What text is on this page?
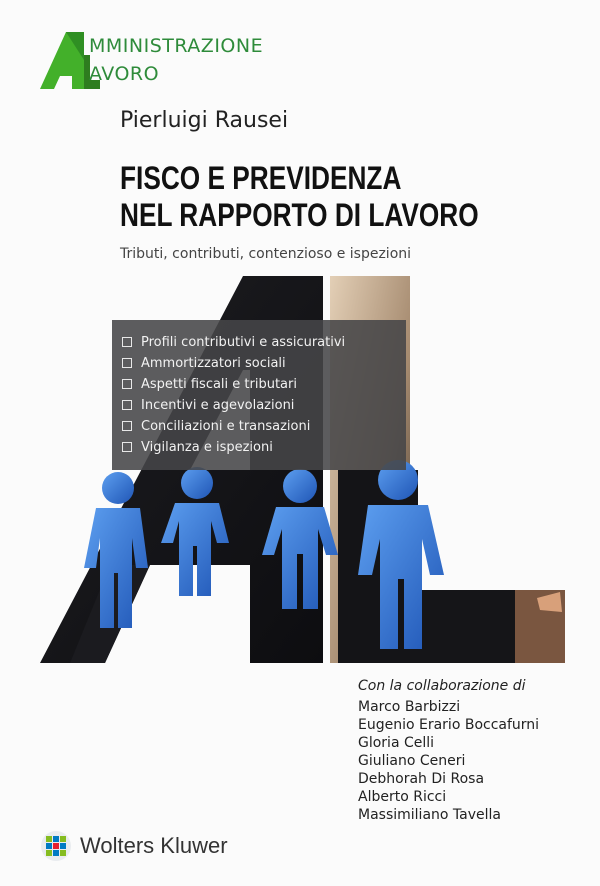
MMINISTRAZIONE
AVORO
Pierluigi Rausei
FISCO E PREVIDENZA
NEL RAPPORTO DI LAVORO
Tributi, contributi, contenzioso e ispezioni
Profili contributivi e assicurativi
Ammortizzatori sociali
Aspetti fiscali e tributari
Incentivi e agevolazioni
Conciliazioni e transazioni
Vigilanza e ispezioni
Con la collaborazione di
Marco Barbizzi
Eugenio Erario Boccafurni
Gloria Celli
Giuliano Ceneri
Debhorah Di Rosa
Alberto Ricci
Massimiliano Tavella
Wolters Kluwer
